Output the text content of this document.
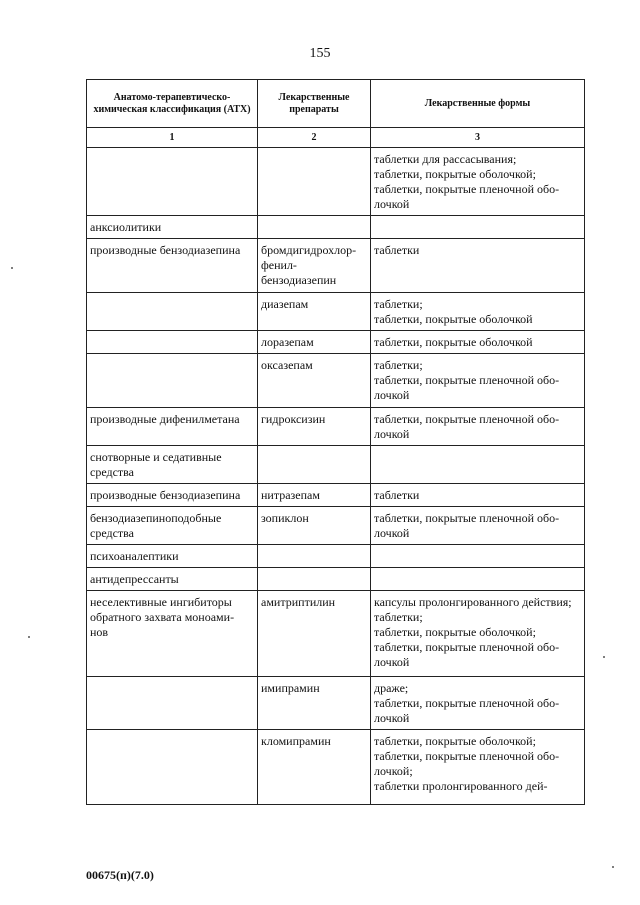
155
Анатомо-терапевтическо-химическая классификация (АТХ)	Лекарственные препараты	Лекарственные формы
1	2	3

		таблетки для рассасывания;
таблетки, покрытые оболочкой;
таблетки, покрытые пленочной обо-
лочкой

анксиолитики		

производные бензодиазепина	бромдигидрохлор-
фенил-
бензодиазепин	таблетки

	диазепам	таблетки;
таблетки, покрытые оболочкой

	лоразепам	таблетки, покрытые оболочкой

	оксазепам	таблетки;
таблетки, покрытые пленочной обо-
лочкой

производные дифенилметана	гидроксизин	таблетки, покрытые пленочной обо-
лочкой

снотворные и седативные
средства		

производные бензодиазепина	нитразепам	таблетки

бензодиазепиноподобные
средства	зопиклон	таблетки, покрытые пленочной обо-
лочкой

психоаналептики		

антидепрессанты		

неселективные ингибиторы
обратного захвата моноами-
нов	амитриптилин	капсулы пролонгированного действия;
таблетки;
таблетки, покрытые оболочкой;
таблетки, покрытые пленочной обо-
лочкой

	имипрамин	драже;
таблетки, покрытые пленочной обо-
лочкой

	кломипрамин	таблетки, покрытые оболочкой;
таблетки, покрытые пленочной обо-
лочкой;
таблетки пролонгированного дей-
00675(п)(7.0)
